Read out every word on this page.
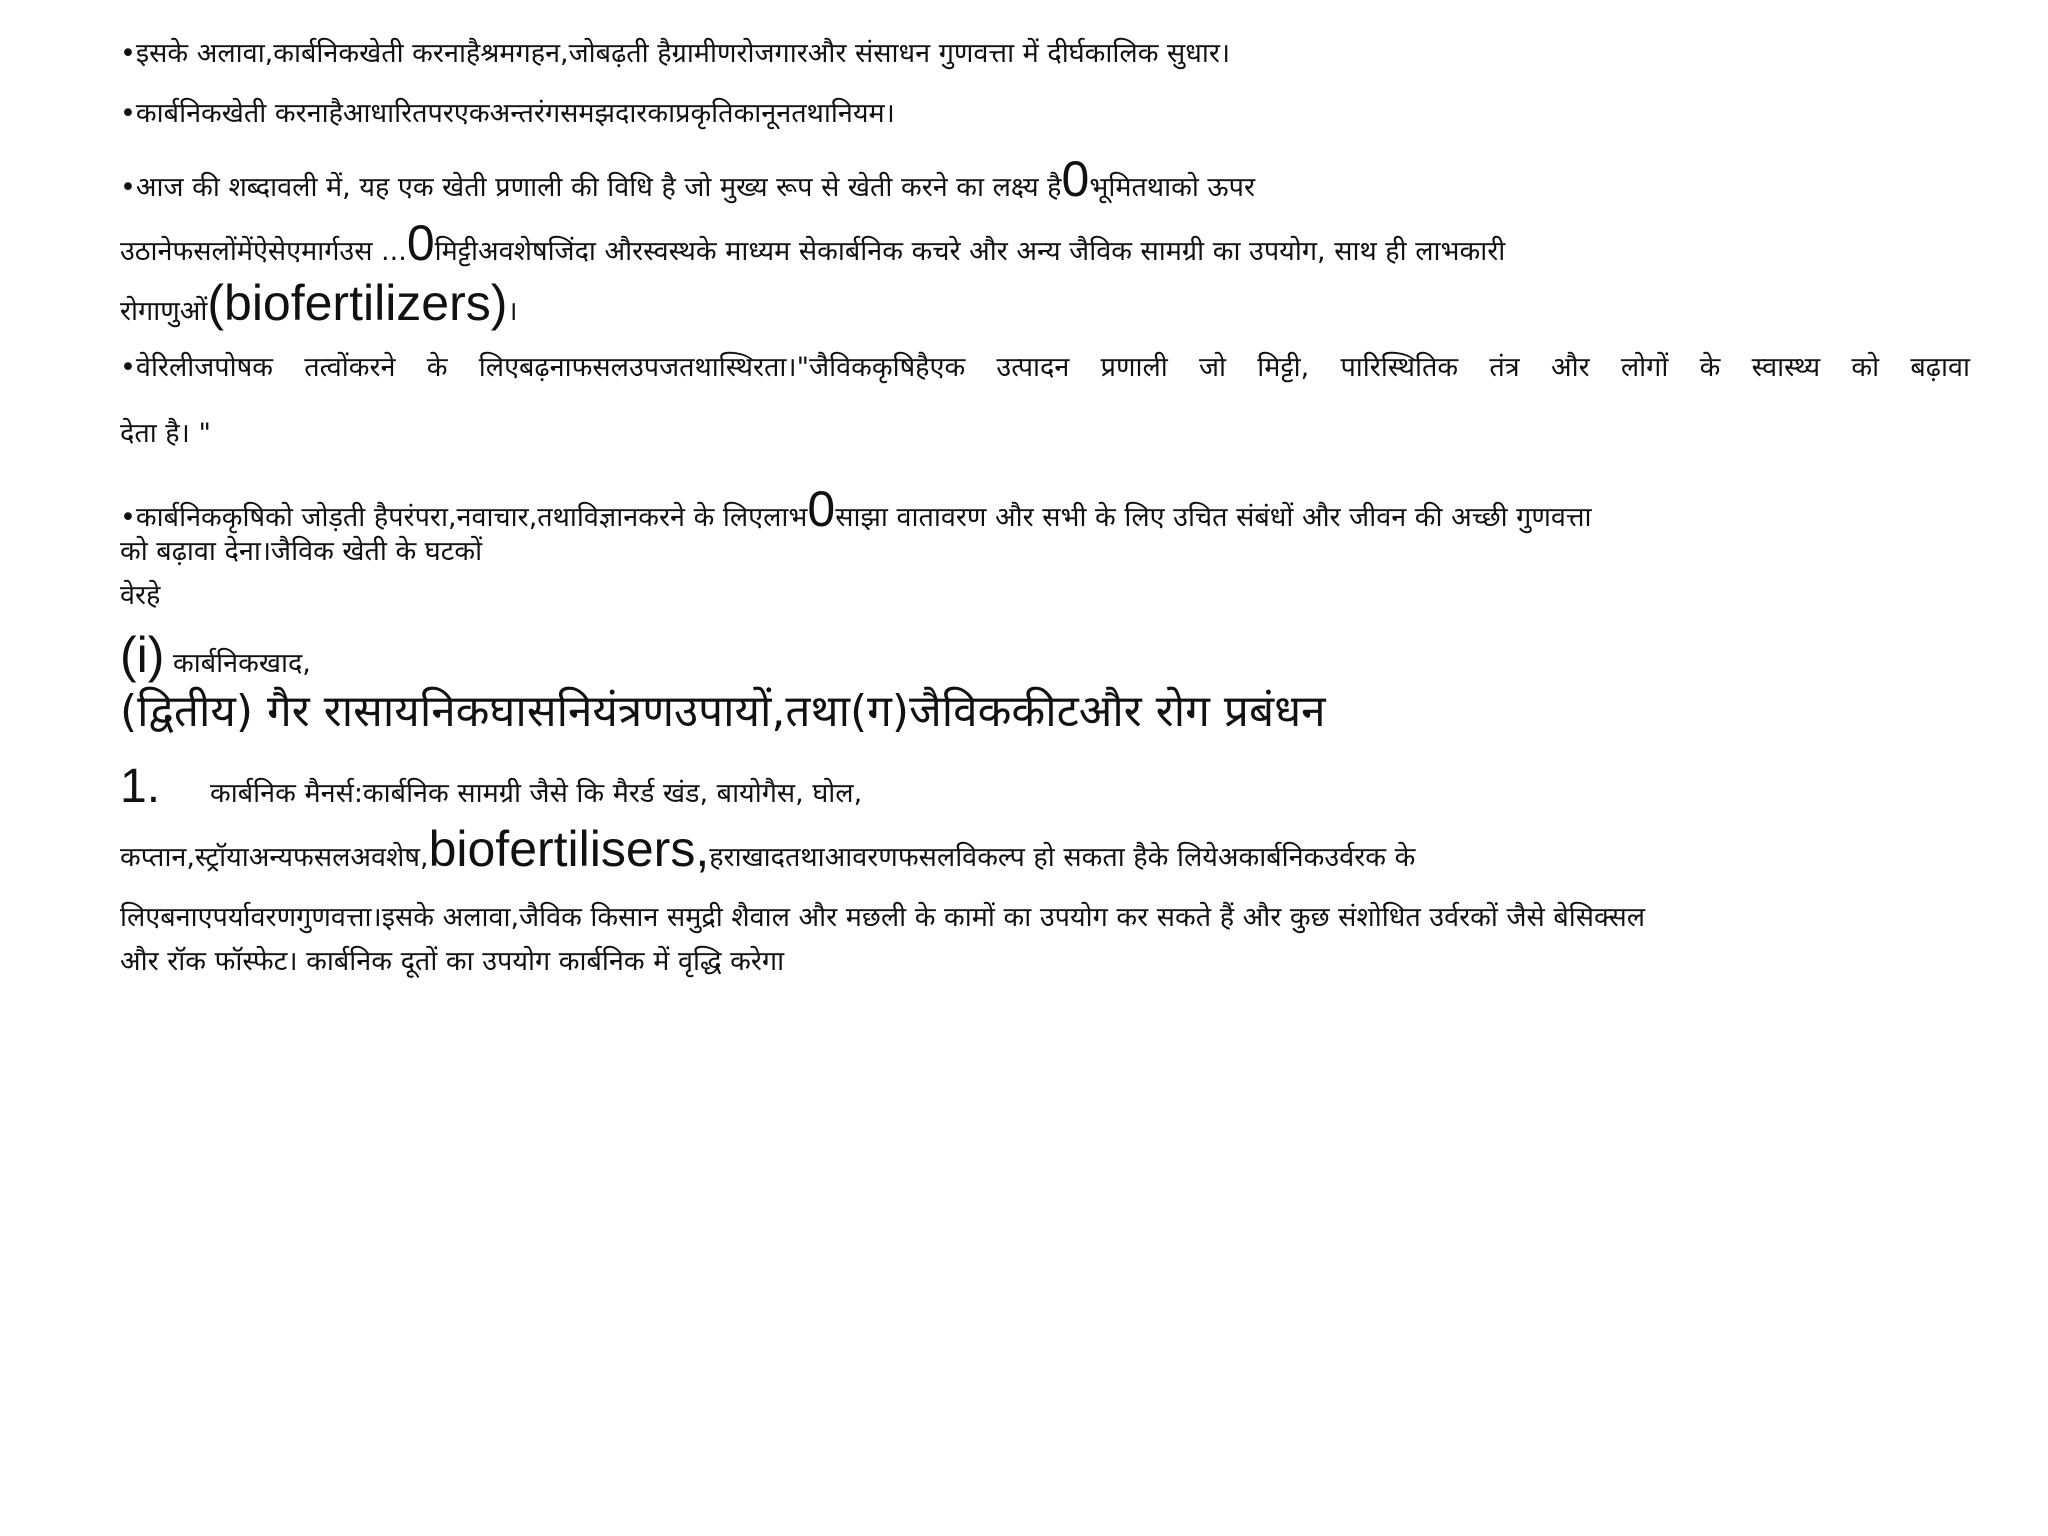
•इसके अलावा,कार्बनिकखेती करनाहैश्रमगहन,जोबढ़ती हैग्रामीणरोजगारऔर संसाधन गुणवत्ता में दीर्घकालिक सुधार।
•कार्बनिकखेती करनाहैआधारितपरएकअन्तरंगसमझदारकाप्रकृतिकानूनतथानियम।
•आज की शब्दावली में, यह एक खेती प्रणाली की विधि है जो मुख्य रूप से खेती करने का लक्ष्य है0भूमितथाको ऊपर
उठानेफसलोंमेंऐसेएमार्गउस ...0मिट्टीअवशेषजिंदा औरस्वस्थके माध्यम सेकार्बनिक कचरे और अन्य जैविक सामग्री का उपयोग, साथ ही लाभकारी
रोगाणुओं(biofertilizers)।
•वेरिलीजपोषक तत्वोंकरने के लिएबढ़नाफसलउपजतथास्थिरता।"जैविककृषिहैएक उत्पादन प्रणाली जो मिट्टी, पारिस्थितिक तंत्र और लोगों के स्वास्थ्य को बढ़ावा
देता है। "
•कार्बनिककृषिको जोड़ती हैपरंपरा,नवाचार,तथाविज्ञानकरने के लिएलाभ0साझा वातावरण और सभी के लिए उचित संबंधों और जीवन की अच्छी गुणवत्ता
को बढ़ावा देना।जैविक खेती के घटकों
वेरहे
(i) कार्बनिकखाद,
(द्वितीय) गैर रासायनिकघासनियंत्रणउपायों,तथा(ग)जैविककीटऔर रोग प्रबंधन
1. कार्बनिक मैनर्स:कार्बनिक सामग्री जैसे कि मैरर्ड खंड, बायोगैस, घोल,
कप्तान,स्ट्रॉयाअन्यफसलअवशेष,biofertilisers,हराखादतथाआवरणफसलविकल्प हो सकता हैके लियेअकार्बनिकउर्वरक के
लिएबनाएपर्यावरणगुणवत्ता।इसके अलावा,जैविक किसान समुद्री शैवाल और मछली के कामों का उपयोग कर सकते हैं और कुछ संशोधित उर्वरकों जैसे बेसिक्सल
और रॉक फॉस्फेट। कार्बनिक दूतों का उपयोग कार्बनिक में वृद्धि करेगा
